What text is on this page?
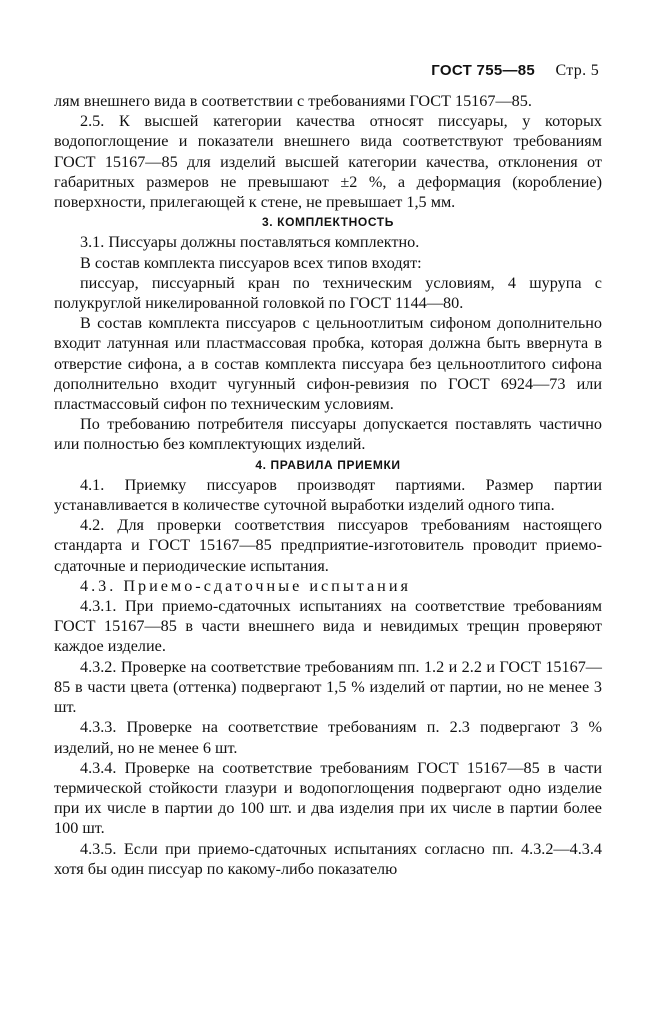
ГОСТ 755—85 Стр. 5

лям внешнего вида в соответствии с требованиями ГОСТ 15167—85.

2.5. К высшей категории качества относят писсуары, у которых водопоглощение и показатели внешнего вида соответствуют требованиям ГОСТ 15167—85 для изделий высшей категории качества, отклонения от габаритных размеров не превышают ±2 %, а деформация (коробление) поверхности, прилегающей к стене, не превышает 1,5 мм.

3. КОМПЛЕКТНОСТЬ

3.1. Писсуары должны поставляться комплектно.

В состав комплекта писсуаров всех типов входят:

писсуар, писсуарный кран по техническим условиям, 4 шурупа с полукруглой никелированной головкой по ГОСТ 1144—80.

В состав комплекта писсуаров с цельноотлитым сифоном дополнительно входит латунная или пластмассовая пробка, которая должна быть ввернута в отверстие сифона, а в состав комплекта писсуара без цельноотлитого сифона дополнительно входит чугунный сифон-ревизия по ГОСТ 6924—73 или пластмассовый сифон по техническим условиям.

По требованию потребителя писсуары допускается поставлять частично или полностью без комплектующих изделий.

4. ПРАВИЛА ПРИЕМКИ

4.1. Приемку писсуаров производят партиями. Размер партии устанавливается в количестве суточной выработки изделий одного типа.

4.2. Для проверки соответствия писсуаров требованиям настоящего стандарта и ГОСТ 15167—85 предприятие-изготовитель проводит приемо-сдаточные и периодические испытания.

4.3. Приемо-сдаточные испытания

4.3.1. При приемо-сдаточных испытаниях на соответствие требованиям ГОСТ 15167—85 в части внешнего вида и невидимых трещин проверяют каждое изделие.

4.3.2. Проверке на соответствие требованиям пп. 1.2 и 2.2 и ГОСТ 15167—85 в части цвета (оттенка) подвергают 1,5 % изделий от партии, но не менее 3 шт.

4.3.3. Проверке на соответствие требованиям п. 2.3 подвергают 3 % изделий, но не менее 6 шт.

4.3.4. Проверке на соответствие требованиям ГОСТ 15167—85 в части термической стойкости глазури и водопоглощения подвергают одно изделие при их числе в партии до 100 шт. и два изделия при их числе в партии более 100 шт.

4.3.5. Если при приемо-сдаточных испытаниях согласно пп. 4.3.2—4.3.4 хотя бы один писсуар по какому-либо показателю
